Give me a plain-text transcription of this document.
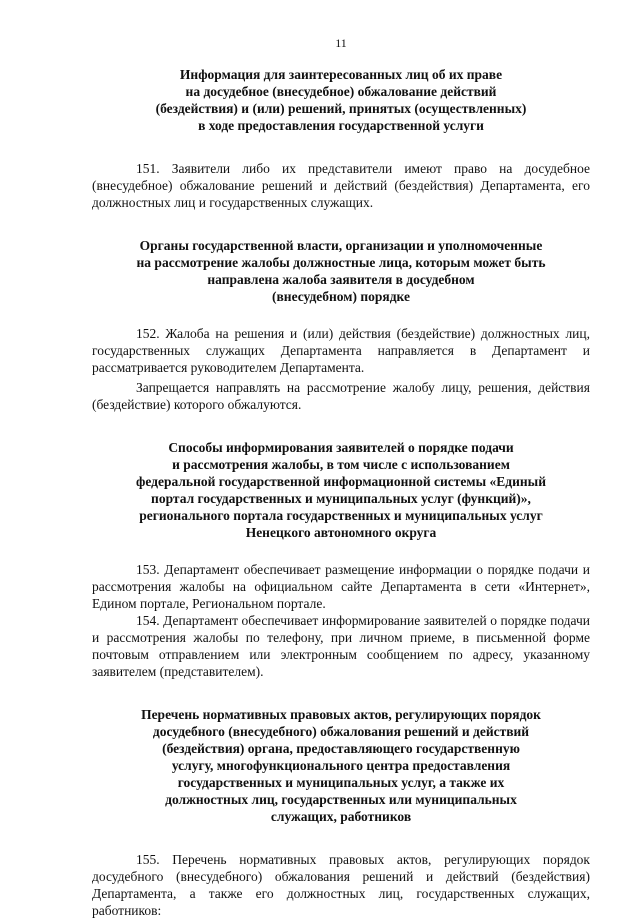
11
Информация для заинтересованных лиц об их праве
на досудебное (внесудебное) обжалование действий
(бездействия) и (или) решений, принятых (осуществленных)
в ходе предоставления государственной услуги

151. Заявители либо их представители имеют право на досудебное (внесудебное) обжалование решений и действий (бездействия) Департамента, его должностных лиц и государственных служащих.

Органы государственной власти, организации и уполномоченные
на рассмотрение жалобы должностные лица, которым может быть
направлена жалоба заявителя в досудебном
(внесудебном) порядке

152. Жалоба на решения и (или) действия (бездействие) должностных лиц, государственных служащих Департамента направляется в Департамент и рассматривается руководителем Департамента.

Запрещается направлять на рассмотрение жалобу лицу, решения, действия (бездействие) которого обжалуются.

Способы информирования заявителей о порядке подачи
и рассмотрения жалобы, в том числе с использованием
федеральной государственной информационной системы «Единый
портал государственных и муниципальных услуг (функций)»,
регионального портала государственных и муниципальных услуг
Ненецкого автономного округа

153. Департамент обеспечивает размещение информации о порядке подачи и рассмотрения жалобы на официальном сайте Департамента в сети «Интернет», Едином портале, Региональном портале.

154. Департамент обеспечивает информирование заявителей о порядке подачи и рассмотрения жалобы по телефону, при личном приеме, в письменной форме почтовым отправлением или электронным сообщением по адресу, указанному заявителем (представителем).

Перечень нормативных правовых актов, регулирующих порядок
досудебного (внесудебного) обжалования решений и действий
(бездействия) органа, предоставляющего государственную
услугу, многофункционального центра предоставления
государственных и муниципальных услуг, а также их
должностных лиц, государственных или муниципальных
служащих, работников

155. Перечень нормативных правовых актов, регулирующих порядок досудебного (внесудебного) обжалования решений и действий (бездействия) Департамента, а также его должностных лиц, государственных служащих, работников:
